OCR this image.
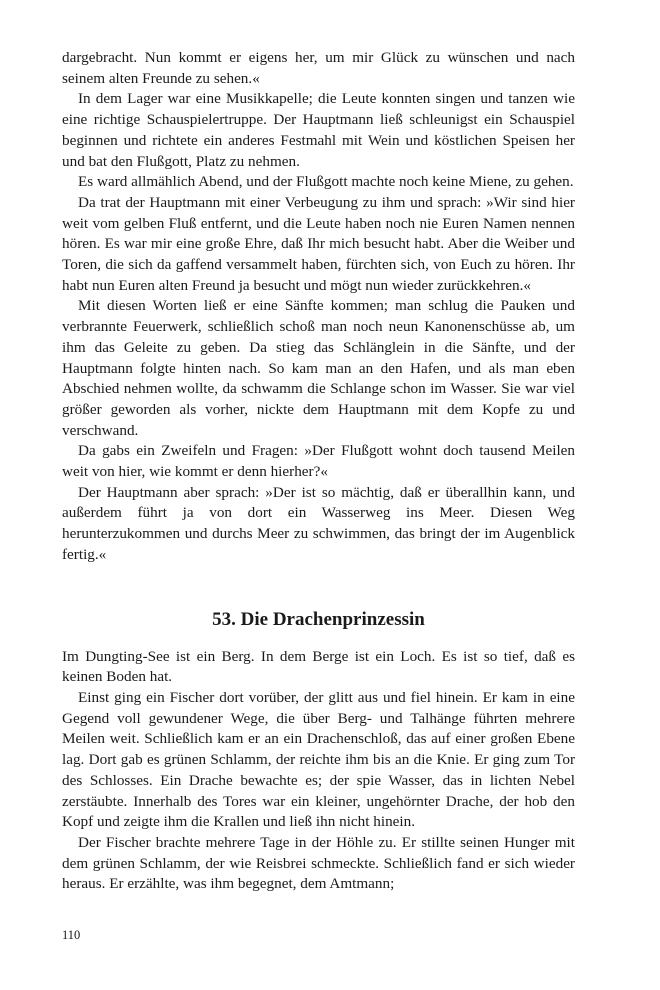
dargebracht. Nun kommt er eigens her, um mir Glück zu wünschen und nach seinem alten Freunde zu sehen.«

In dem Lager war eine Musikkapelle; die Leute konnten singen und tanzen wie eine richtige Schauspielertruppe. Der Hauptmann ließ schleunigst ein Schauspiel beginnen und richtete ein anderes Festmahl mit Wein und köstlichen Speisen her und bat den Flußgott, Platz zu nehmen.

Es ward allmählich Abend, und der Flußgott machte noch keine Miene, zu gehen.

Da trat der Hauptmann mit einer Verbeugung zu ihm und sprach: »Wir sind hier weit vom gelben Fluß entfernt, und die Leute haben noch nie Euren Namen nennen hören. Es war mir eine große Ehre, daß Ihr mich besucht habt. Aber die Weiber und Toren, die sich da gaffend versammelt haben, fürchten sich, von Euch zu hören. Ihr habt nun Euren alten Freund ja besucht und mögt nun wieder zurückkehren.«

Mit diesen Worten ließ er eine Sänfte kommen; man schlug die Pauken und verbrannte Feuerwerk, schließlich schoß man noch neun Kanonenschüsse ab, um ihm das Geleite zu geben. Da stieg das Schlänglein in die Sänfte, und der Hauptmann folgte hinten nach. So kam man an den Hafen, und als man eben Abschied nehmen wollte, da schwamm die Schlange schon im Wasser. Sie war viel größer geworden als vorher, nickte dem Hauptmann mit dem Kopfe zu und verschwand.

Da gabs ein Zweifeln und Fragen: »Der Flußgott wohnt doch tausend Meilen weit von hier, wie kommt er denn hierher?«

Der Hauptmann aber sprach: »Der ist so mächtig, daß er überallhin kann, und außerdem führt ja von dort ein Wasserweg ins Meer. Diesen Weg herunterzukommen und durchs Meer zu schwimmen, das bringt der im Augenblick fertig.«

53. Die Drachenprinzessin

Im Dungting-See ist ein Berg. In dem Berge ist ein Loch. Es ist so tief, daß es keinen Boden hat.

Einst ging ein Fischer dort vorüber, der glitt aus und fiel hinein. Er kam in eine Gegend voll gewundener Wege, die über Berg- und Talhänge führten mehrere Meilen weit. Schließlich kam er an ein Drachenschloß, das auf einer großen Ebene lag. Dort gab es grünen Schlamm, der reichte ihm bis an die Knie. Er ging zum Tor des Schlosses. Ein Drache bewachte es; der spie Wasser, das in lichten Nebel zerstäubte. Innerhalb des Tores war ein kleiner, ungehörnter Drache, der hob den Kopf und zeigte ihm die Krallen und ließ ihn nicht hinein.

Der Fischer brachte mehrere Tage in der Höhle zu. Er stillte seinen Hunger mit dem grünen Schlamm, der wie Reisbrei schmeckte. Schließlich fand er sich wieder heraus. Er erzählte, was ihm begegnet, dem Amtmann;

110
